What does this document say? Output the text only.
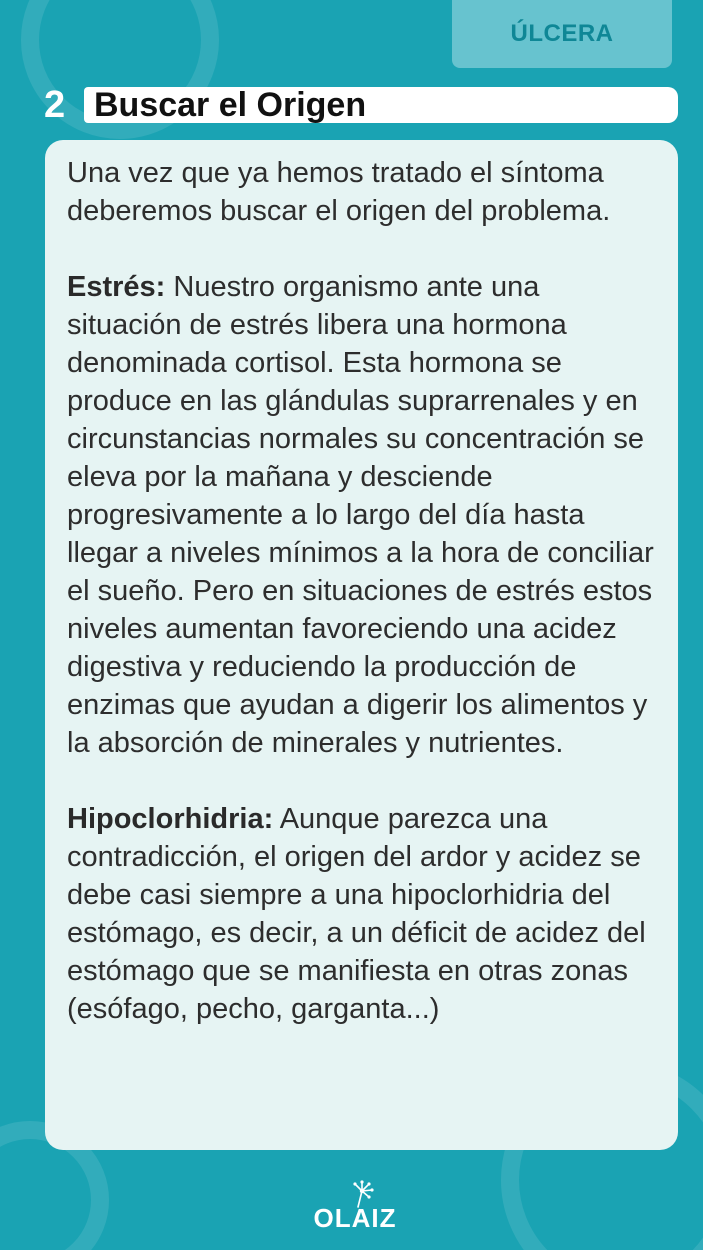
ÚLCERA
2 Buscar el Origen

Una vez que ya hemos tratado el síntoma deberemos buscar el origen del problema.

Estrés: Nuestro organismo ante una situación de estrés libera una hormona denominada cortisol. Esta hormona se produce en las glándulas suprarrenales y en circunstancias normales su concentración se eleva por la mañana y desciende progresivamente a lo largo del día hasta llegar a niveles mínimos a la hora de conciliar el sueño. Pero en situaciones de estrés estos niveles aumentan favoreciendo una acidez digestiva y reduciendo la producción de enzimas que ayudan a digerir los alimentos y la absorción de minerales y nutrientes.

Hipoclorhidria: Aunque parezca una contradicción, el origen del ardor y acidez se debe casi siempre a una hipoclorhidria del estómago, es decir, a un déficit de acidez del estómago que se manifiesta en otras zonas (esófago, pecho, garganta...)

OLAIZ
